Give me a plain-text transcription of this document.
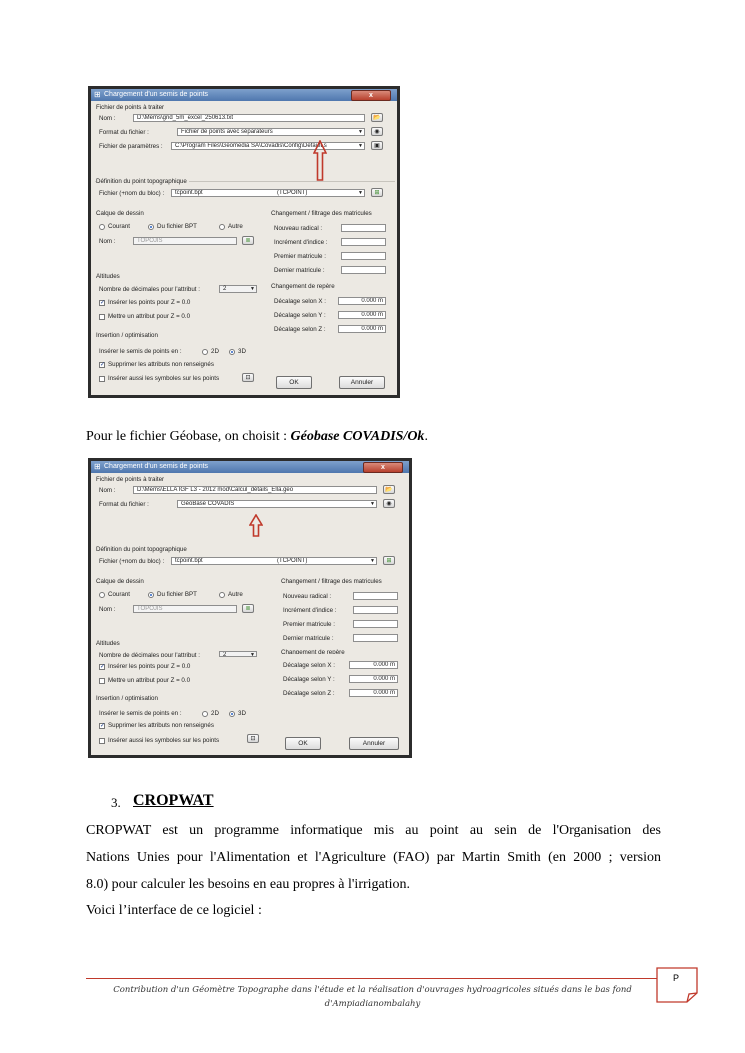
⊞ Chargement d'un semis de points	x
Fichier de points à traiter
Nom :	D:\Mems\grid_5m_excel_250613.txt	📂
Format du fichier :	Fichier de points avec séparateurs	▼	◉
Fichier de paramètres :	C:\Program Files\Geomedia SA\Covadis\Config\Default.s	▼	▣
Définition du point topographique
Fichier (+nom du bloc) :	tcpoint.bpt	(TCPOINT)	▼	⊞
Calque de dessin
Courant	Du fichier BPT	Autre
Nom :	TOPOJIS	≣
Altitudes
Nombre de décimales pour l'attribut :	2	▼
✓ Insérer les points pour Z = 0.0
Mettre un attribut pour Z = 0.0
Insertion / optimisation
Insérer le semis de points en :	2D	3D
✓ Supprimer les attributs non renseignés
Insérer aussi les symboles sur les points	⊡
Changement / filtrage des matricules
Nouveau radical :
Incrément d'indice :
Premier matricule :
Dernier matricule :
Changement de repère
Décalage selon X :	0.000 m
Décalage selon Y :	0.000 m
Décalage selon Z :	0.000 m
OK	Annuler
Pour le fichier Géobase, on choisit : Géobase COVADIS/Ok.
⊞ Chargement d'un semis de points	x
Fichier de points à traiter
Nom :	D:\Mems\ELLA IGF L3 - 2012 mod\Calcul_détails_Ella.geo	📂
Format du fichier :	GéoBase COVADIS	▼	◉
Définition du point topographique
Fichier (+nom du bloc) :	tcpoint.bpt	(TCPOINT)	▼	⊞
Calque de dessin
Courant	Du fichier BPT	Autre
Nom :	TOPOJIS	≣
Altitudes
Nombre de décimales pour l'attribut :	2	▼
✓ Insérer les points pour Z = 0.0
Mettre un attribut pour Z = 0.0
Insertion / optimisation
Insérer le semis de points en :	2D	3D
✓ Supprimer les attributs non renseignés
Insérer aussi les symboles sur les points	⊡
Changement / filtrage des matricules
Nouveau radical :
Incrément d'indice :
Premier matricule :
Dernier matricule :
Changement de repère
Décalage selon X :	0.000 m
Décalage selon Y :	0.000 m
Décalage selon Z :	0.000 m
OK	Annuler
3. CROPWAT
CROPWAT est un programme informatique mis au point au sein de l'Organisation des
Nations Unies pour l'Alimentation et l'Agriculture (FAO) par Martin Smith (en 2000 ; version
8.0) pour calculer les besoins en eau propres à l'irrigation.
Voici l’interface de ce logiciel :
Contribution d'un Géomètre Topographe dans l'étude et la réalisation d'ouvrages hydroagricoles situés dans le bas fond
d'Ampiadianombalahy
P
